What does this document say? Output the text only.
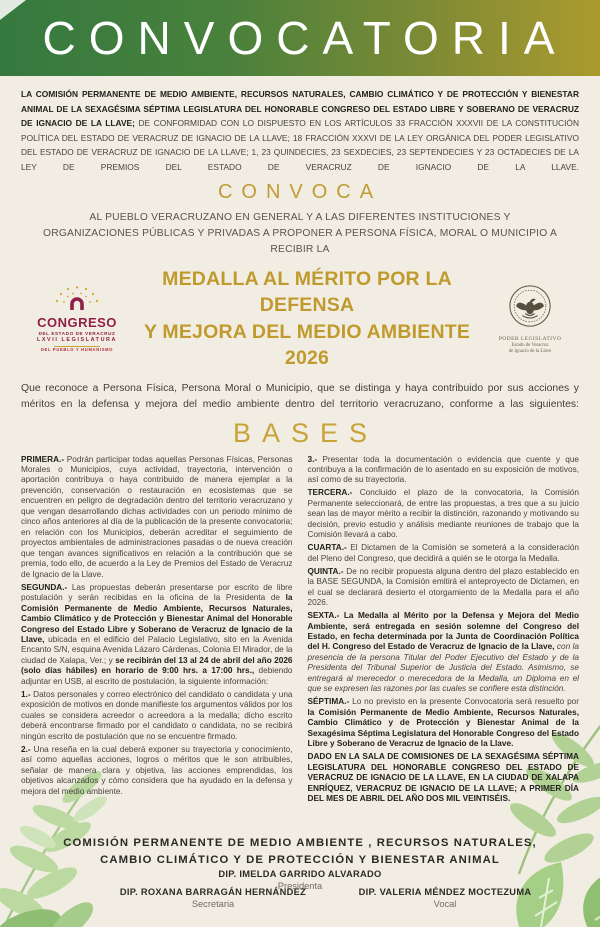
CONVOCATORIA

LA COMISIÓN PERMANENTE DE MEDIO AMBIENTE, RECURSOS NATURALES, CAMBIO CLIMÁTICO Y DE PROTECCIÓN Y BIENESTAR ANIMAL DE LA SEXAGÉSIMA SÉPTIMA LEGISLATURA DEL HONORABLE CONGRESO DEL ESTADO LIBRE Y SOBERANO DE VERACRUZ DE IGNACIO DE LA LLAVE; DE CONFORMIDAD CON LO DISPUESTO EN LOS ARTÍCULOS 33 FRACCIÓN XXXVII DE LA CONSTITUCIÓN POLÍTICA DEL ESTADO DE VERACRUZ DE IGNACIO DE LA LLAVE; 18 FRACCIÓN XXXVI DE LA LEY ORGÁNICA DEL PODER LEGISLATIVO DEL ESTADO DE VERACRUZ DE IGNACIO DE LA LLAVE; 1, 23 QUINDECIES, 23 SEXDECIES, 23 SEPTENDECIES Y 23 OCTADECIES DE LA LEY DE PREMIOS DEL ESTADO DE VERACRUZ DE IGNACIO DE LA LLAVE.

CONVOCA

AL PUEBLO VERACRUZANO EN GENERAL Y A LAS DIFERENTES INSTITUCIONES Y ORGANIZACIONES PÚBLICAS Y PRIVADAS A PROPONER A PERSONA FÍSICA, MORAL O MUNICIPIO A RECIBIR LA

CONGRESO
DEL ESTADO DE VERACRUZ
LXVII LEGISLATURA
DEL PUEBLO Y HUMANISMO
MEDALLA AL MÉRITO POR LA DEFENSA
Y MEJORA DEL MEDIO AMBIENTE 2026
PODER LEGISLATIVO
Estado de Veracruz
de Ignacio de la Llave

Que reconoce a Persona Física, Persona Moral o Municipio, que se distinga y haya contribuido por sus acciones y méritos en la defensa y mejora del medio ambiente dentro del territorio veracruzano, conforme a las siguientes:

BASES

PRIMERA.- Podrán participar todas aquellas Personas Físicas, Personas Morales o Municipios, cuya actividad, trayectoria, intervención o aportación contribuya o haya contribuido de manera ejemplar a la prevención, conservación o restauración en ecosistemas que se encuentren en peligro de degradación dentro del territorio veracruzano y que vengan desarrollando dichas actividades con un periodo mínimo de cinco años anteriores al día de la publicación de la presente convocatoria; en relación con los Municipios, deberán acreditar el seguimiento de proyectos ambientales de administraciones pasadas o de nueva creación que tengan avances significativos en relación a la contribución que se premia, todo ello, de acuerdo a la Ley de Premios del Estado de Veracruz de Ignacio de la Llave.

SEGUNDA.- Las propuestas deberán presentarse por escrito de libre postulación y serán recibidas en la oficina de la Presidenta de la Comisión Permanente de Medio Ambiente, Recursos Naturales, Cambio Climático y de Protección y Bienestar Animal del Honorable Congreso del Estado Libre y Soberano de Veracruz de Ignacio de la Llave, ubicada en el edificio del Palacio Legislativo, sito en la Avenida Encanto S/N, esquina Avenida Lázaro Cárdenas, Colonia El Mirador, de la ciudad de Xalapa, Ver.; y se recibirán del 13 al 24 de abril del año 2026 (solo días hábiles) en horario de 9:00 hrs. a 17:00 hrs., debiendo adjuntar en USB, al escrito de postulación, la siguiente información:

1.- Datos personales y correo electrónico del candidato o candidata y una exposición de motivos en donde manifieste los argumentos válidos por los cuales se considera acreedor o acreedora a la medalla; dicho escrito deberá encontrarse firmado por el candidato o candidata, no se recibirá ningún escrito de postulación que no se encuentre firmado.

2.- Una reseña en la cual deberá exponer su trayectoria y conocimiento, así como aquellas acciones, logros o méritos que le son atribuibles, señalar de manera clara y objetiva, las acciones emprendidas, los objetivos alcanzados y cómo considera que ha ayudado en la defensa y mejora del medio ambiente.

3.- Presentar toda la documentación o evidencia que cuente y que contribuya a la confirmación de lo asentado en su exposición de motivos, así como de su trayectoria.

TERCERA.- Concluido el plazo de la convocatoria, la Comisión Permanente seleccionará, de entre las propuestas, a tres que a su juicio sean las de mayor mérito a recibir la distinción, razonando y motivando su decisión, previo estudio y análisis mediante reuniones de trabajo que la Comisión llevará a cabo.

CUARTA.- El Dictamen de la Comisión se someterá a la consideración del Pleno del Congreso, que decidirá a quién se le otorga la Medalla.

QUINTA.- De no recibir propuesta alguna dentro del plazo establecido en la BASE SEGUNDA, la Comisión emitirá el anteproyecto de Dictamen, en el cual se declarará desierto el otorgamiento de la Medalla para el año 2026.

SEXTA.- La Medalla al Mérito por la Defensa y Mejora del Medio Ambiente, será entregada en sesión solemne del Congreso del Estado, en fecha determinada por la Junta de Coordinación Política del H. Congreso del Estado de Veracruz de Ignacio de la Llave, con la presencia de la persona Titular del Poder Ejecutivo del Estado y de la Presidenta del Tribunal Superior de Justicia del Estado. Asimismo, se entregará al merecedor o merecedora de la Medalla, un Diploma en el que se expresen las razones por las cuales se confiere esta distinción.

SÉPTIMA.- Lo no previsto en la presente Convocatoria será resuelto por la Comisión Permanente de Medio Ambiente, Recursos Naturales, Cambio Climático y de Protección y Bienestar Animal de la Sexagésima Séptima Legislatura del Honorable Congreso del Estado Libre y Soberano de Veracruz de Ignacio de la Llave.

DADO EN LA SALA DE COMISIONES DE LA SEXAGÉSIMA SÉPTIMA LEGISLATURA DEL HONORABLE CONGRESO DEL ESTADO DE VERACRUZ DE IGNACIO DE LA LLAVE, EN LA CIUDAD DE XALAPA ENRÍQUEZ, VERACRUZ DE IGNACIO DE LA LLAVE; A PRIMER DÍA DEL MES DE ABRIL DEL AÑO DOS MIL VEINTISÉIS.

COMISIÓN PERMANENTE DE MEDIO AMBIENTE , RECURSOS NATURALES,
CAMBIO CLIMÁTICO Y DE PROTECCIÓN Y BIENESTAR ANIMAL
DIP. IMELDA GARRIDO ALVARADO
Presidenta
DIP. ROXANA BARRAGÁN HERNÁNDEZ
Secretaria
DIP. VALERIA MÉNDEZ MOCTEZUMA
Vocal
